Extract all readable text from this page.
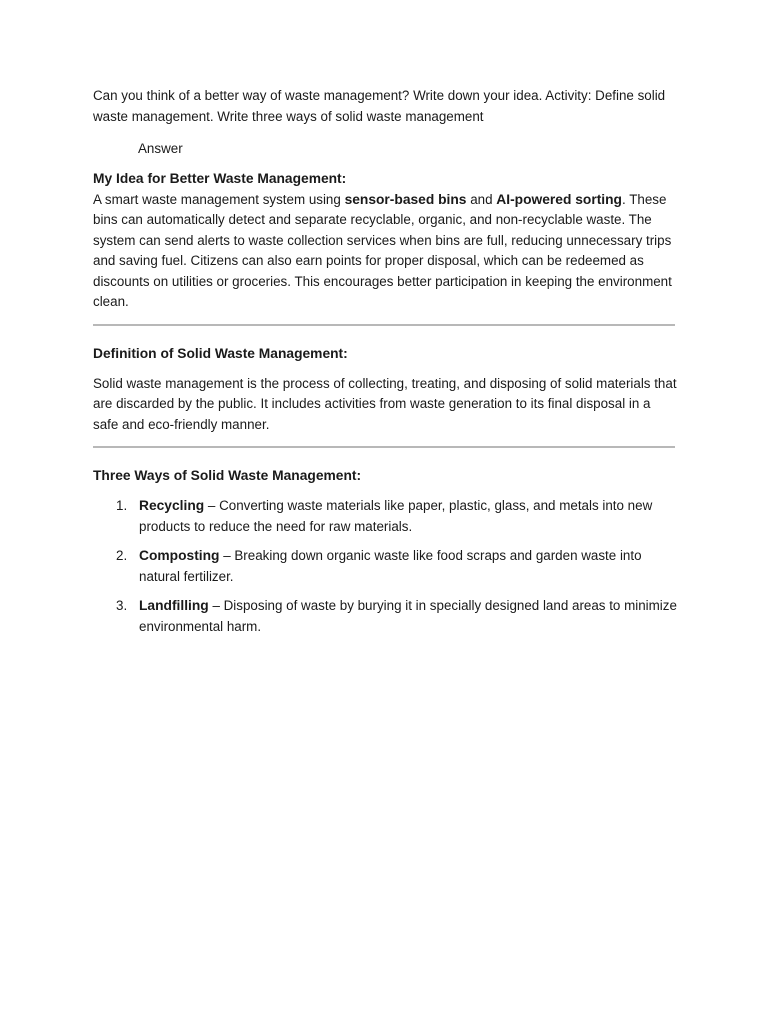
Can you think of a better way of waste management? Write down your idea. Activity: Define solid waste management. Write three ways of solid waste management

Answer

My Idea for Better Waste Management:

A smart waste management system using sensor-based bins and AI-powered sorting. These bins can automatically detect and separate recyclable, organic, and non-recyclable waste. The system can send alerts to waste collection services when bins are full, reducing unnecessary trips and saving fuel. Citizens can also earn points for proper disposal, which can be redeemed as discounts on utilities or groceries. This encourages better participation in keeping the environment clean.

Definition of Solid Waste Management:

Solid waste management is the process of collecting, treating, and disposing of solid materials that are discarded by the public. It includes activities from waste generation to its final disposal in a safe and eco-friendly manner.

Three Ways of Solid Waste Management:

1. Recycling – Converting waste materials like paper, plastic, glass, and metals into new products to reduce the need for raw materials.
2. Composting – Breaking down organic waste like food scraps and garden waste into natural fertilizer.
3. Landfilling – Disposing of waste by burying it in specially designed land areas to minimize environmental harm.
